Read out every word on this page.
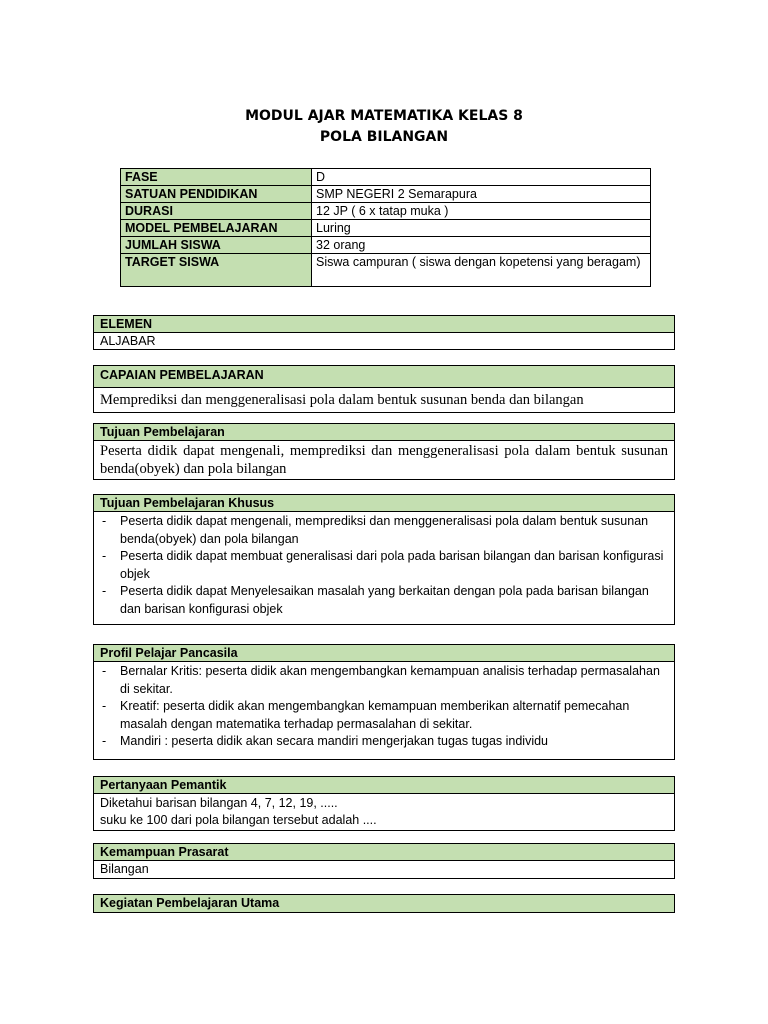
MODUL AJAR MATEMATIKA KELAS 8
POLA BILANGAN
FASE	D
SATUAN PENDIDIKAN	SMP NEGERI 2 Semarapura
DURASI	12 JP ( 6 x tatap muka )
MODEL PEMBELAJARAN	Luring
JUMLAH SISWA	32 orang
TARGET SISWA	Siswa campuran ( siswa dengan kopetensi yang beragam)
ELEMEN
ALJABAR
CAPAIAN PEMBELAJARAN
Memprediksi dan menggeneralisasi pola dalam bentuk susunan benda dan bilangan
Tujuan Pembelajaran
Peserta didik dapat mengenali, memprediksi dan menggeneralisasi pola dalam bentuk susunan benda(obyek) dan pola bilangan
Tujuan Pembelajaran Khusus
- Peserta didik dapat mengenali, memprediksi dan menggeneralisasi pola dalam bentuk susunan benda(obyek) dan pola bilangan
- Peserta didik dapat membuat generalisasi dari pola pada barisan bilangan dan barisan konfigurasi objek
- Peserta didik dapat Menyelesaikan masalah yang berkaitan dengan pola pada barisan bilangan dan barisan konfigurasi objek
Profil Pelajar Pancasila
- Bernalar Kritis: peserta didik akan mengembangkan kemampuan analisis terhadap permasalahan di sekitar.
- Kreatif: peserta didik akan mengembangkan kemampuan memberikan alternatif pemecahan masalah dengan matematika terhadap permasalahan di sekitar.
- Mandiri : peserta didik akan secara mandiri mengerjakan tugas tugas individu
Pertanyaan Pemantik
Diketahui barisan bilangan 4, 7, 12, 19, .....
suku ke 100 dari pola bilangan tersebut adalah ....
Kemampuan Prasarat
Bilangan
Kegiatan Pembelajaran Utama
